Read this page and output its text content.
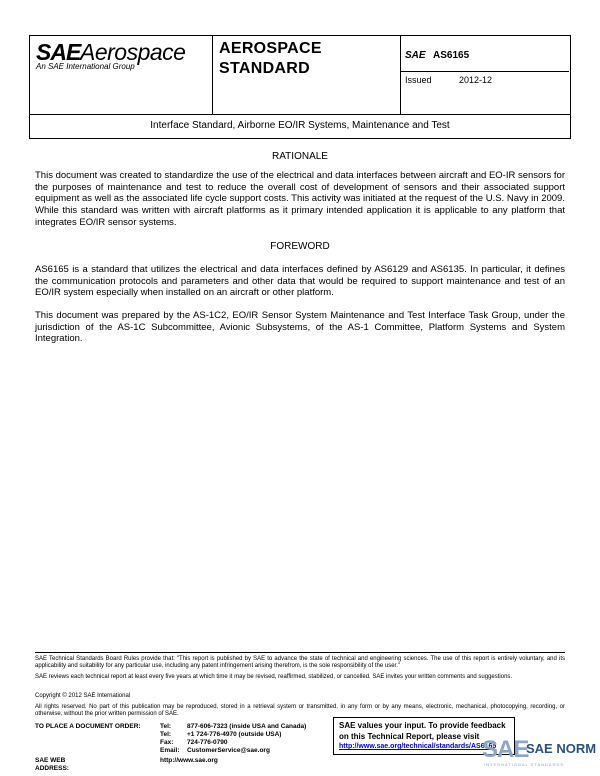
SAE Aerospace
An SAE International Group
AEROSPACE
STANDARD
SAE AS6165
Issued	2012-12
Interface Standard, Airborne EO/IR Systems, Maintenance and Test
RATIONALE
This document was created to standardize the use of the electrical and data interfaces between aircraft and EO-IR sensors for the purposes of maintenance and test to reduce the overall cost of development of sensors and their associated support equipment as well as the associated life cycle support costs. This activity was initiated at the request of the U.S. Navy in 2009. While this standard was written with aircraft platforms as it primary intended application it is applicable to any platform that integrates EO/IR sensor systems.
FOREWORD
AS6165 is a standard that utilizes the electrical and data interfaces defined by AS6129 and AS6135. In particular, it defines the communication protocols and parameters and other data that would be required to support maintenance and test of an EO/IR system especially when installed on an aircraft or other platform.
This document was prepared by the AS-1C2, EO/IR Sensor System Maintenance and Test Interface Task Group, under the jurisdiction of the AS-1C Subcommittee, Avionic Subsystems, of the AS-1 Committee, Platform Systems and System Integration.
SAE Technical Standards Board Rules provide that: "This report is published by SAE to advance the state of technical and engineering sciences. The use of this report is entirely voluntary, and its applicability and suitability for any particular use, including any patent infringement arising therefrom, is the sole responsibility of the user."
SAE reviews each technical report at least every five years at which time it may be revised, reaffirmed, stabilized, or cancelled. SAE invites your written comments and suggestions.
Copyright © 2012 SAE International
All rights reserved. No part of this publication may be reproduced, stored in a retrieval system or transmitted, in any form or by any means, electronic, mechanical, photocopying, recording, or otherwise, without the prior written permission of SAE.
TO PLACE A DOCUMENT ORDER:	Tel:	877-606-7323 (inside USA and Canada)
Tel:	+1 724-776-4970 (outside USA)
Fax:	724-776-0790
Email:	CustomerService@sae.org
SAE WEB ADDRESS:
http://www.sae.org
SAE values your input. To provide feedback
on this Technical Report, please visit
http://www.sae.org/technical/standards/AS6165
SAE
SAE NORM
INTERNATIONAL STANDARDS
